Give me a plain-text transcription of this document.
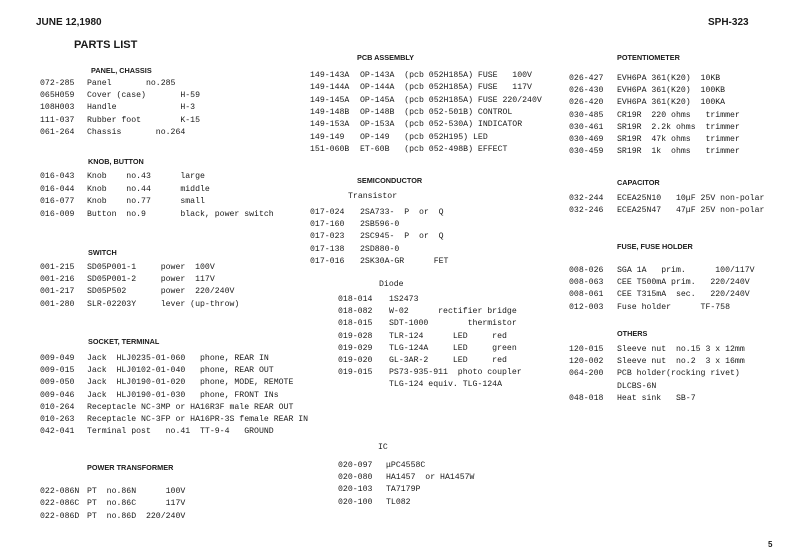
JUNE 12,1980	SPH-323
PARTS LIST
5
PANEL, CHASSIS
072-285 Panel       no.285
065H059 Cover (case)       H-59
108H003 Handle             H-3
111-037 Rubber foot        K-15
061-264 Chassis       no.264
KNOB, BUTTON
016-043 Knob    no.43      large
016-044 Knob    no.44      middle
016-077 Knob    no.77      small
016-009 Button  no.9       black, power switch
SWITCH
001-215 SD05P001-1     power  100V
001-216 SD05P001-2     power  117V
001-217 SD05P502       power  220/240V
001-280 SLR-02203Y     lever (up-throw)
SOCKET, TERMINAL
009-049 Jack  HLJ0235-01-060   phone, REAR IN
009-015 Jack  HLJ0102-01-040   phone, REAR OUT
009-050 Jack  HLJ0190-01-020   phone, MODE, REMOTE
009-046 Jack  HLJ0190-01-030   phone, FRONT INs
010-264 Receptacle NC-3MP or HA16R3F male REAR OUT
010-263 Receptacle NC-3FP or HA16PR-3S female REAR IN
042-041 Terminal post   no.41  TT-9-4   GROUND
POWER TRANSFORMER
022-086N PT  no.86N      100V
022-086C PT  no.86C      117V
022-086D PT  no.86D  220/240V
PCB ASSEMBLY
149-143A OP-143A  (pcb 052H185A) FUSE   100V
149-144A OP-144A  (pcb 052H185A) FUSE   117V
149-145A OP-145A  (pcb 052H185A) FUSE 220/240V
149-148B OP-148B  (pcb 052-501B) CONTROL
149-153A OP-153A  (pcb 052-530A) INDICATOR
149-149 OP-149   (pcb 052H195) LED
151-060B ET-60B   (pcb 052-498B) EFFECT
SEMICONDUCTOR
Transistor
017-024 2SA733-  P  or  Q
017-160 2SB596-0
017-023 2SC945-  P  or  Q
017-138 2SD880-0
017-016 2SK30A-GR      FET
Diode
018-014 1S2473
018-082 W-02      rectifier bridge
018-015 SDT-1000        thermistor
019-028 TLR-124      LED     red
019-029 TLG-124A     LED     green
019-020 GL-3AR-2     LED     red
019-015 PS73-935-911  photo coupler
TLG-124 equiv. TLG-124A
IC
020-097 μPC4558C
020-080 HA1457  or HA1457W
020-103 TA7179P
020-100 TL082
POTENTIOMETER
026-427 EVH6PA 361(K20)  10KB
026-430 EVH6PA 361(K20)  100KB
026-420 EVH6PA 361(K20)  100KA
030-485 CR19R  220 ohms   trimmer
030-461 SR19R  2.2k ohms  trimmer
030-469 SR19R  47k ohms   trimmer
030-459 SR19R  1k  ohms   trimmer
CAPACITOR
032-244 ECEA25N10   10μF 25V non-polar
032-246 ECEA25N47   47μF 25V non-polar
FUSE, FUSE HOLDER
008-026 SGA 1A   prim.      100/117V
008-063 CEE T500mA prim.   220/240V
008-061 CEE T315mA  sec.   220/240V
012-003 Fuse holder      TF-758
OTHERS
120-015 Sleeve nut  no.15 3 x 12mm
120-002 Sleeve nut  no.2  3 x 16mm
064-200 PCB holder(rocking rivet)
DLCBS-6N
048-018 Heat sink   SB-7
